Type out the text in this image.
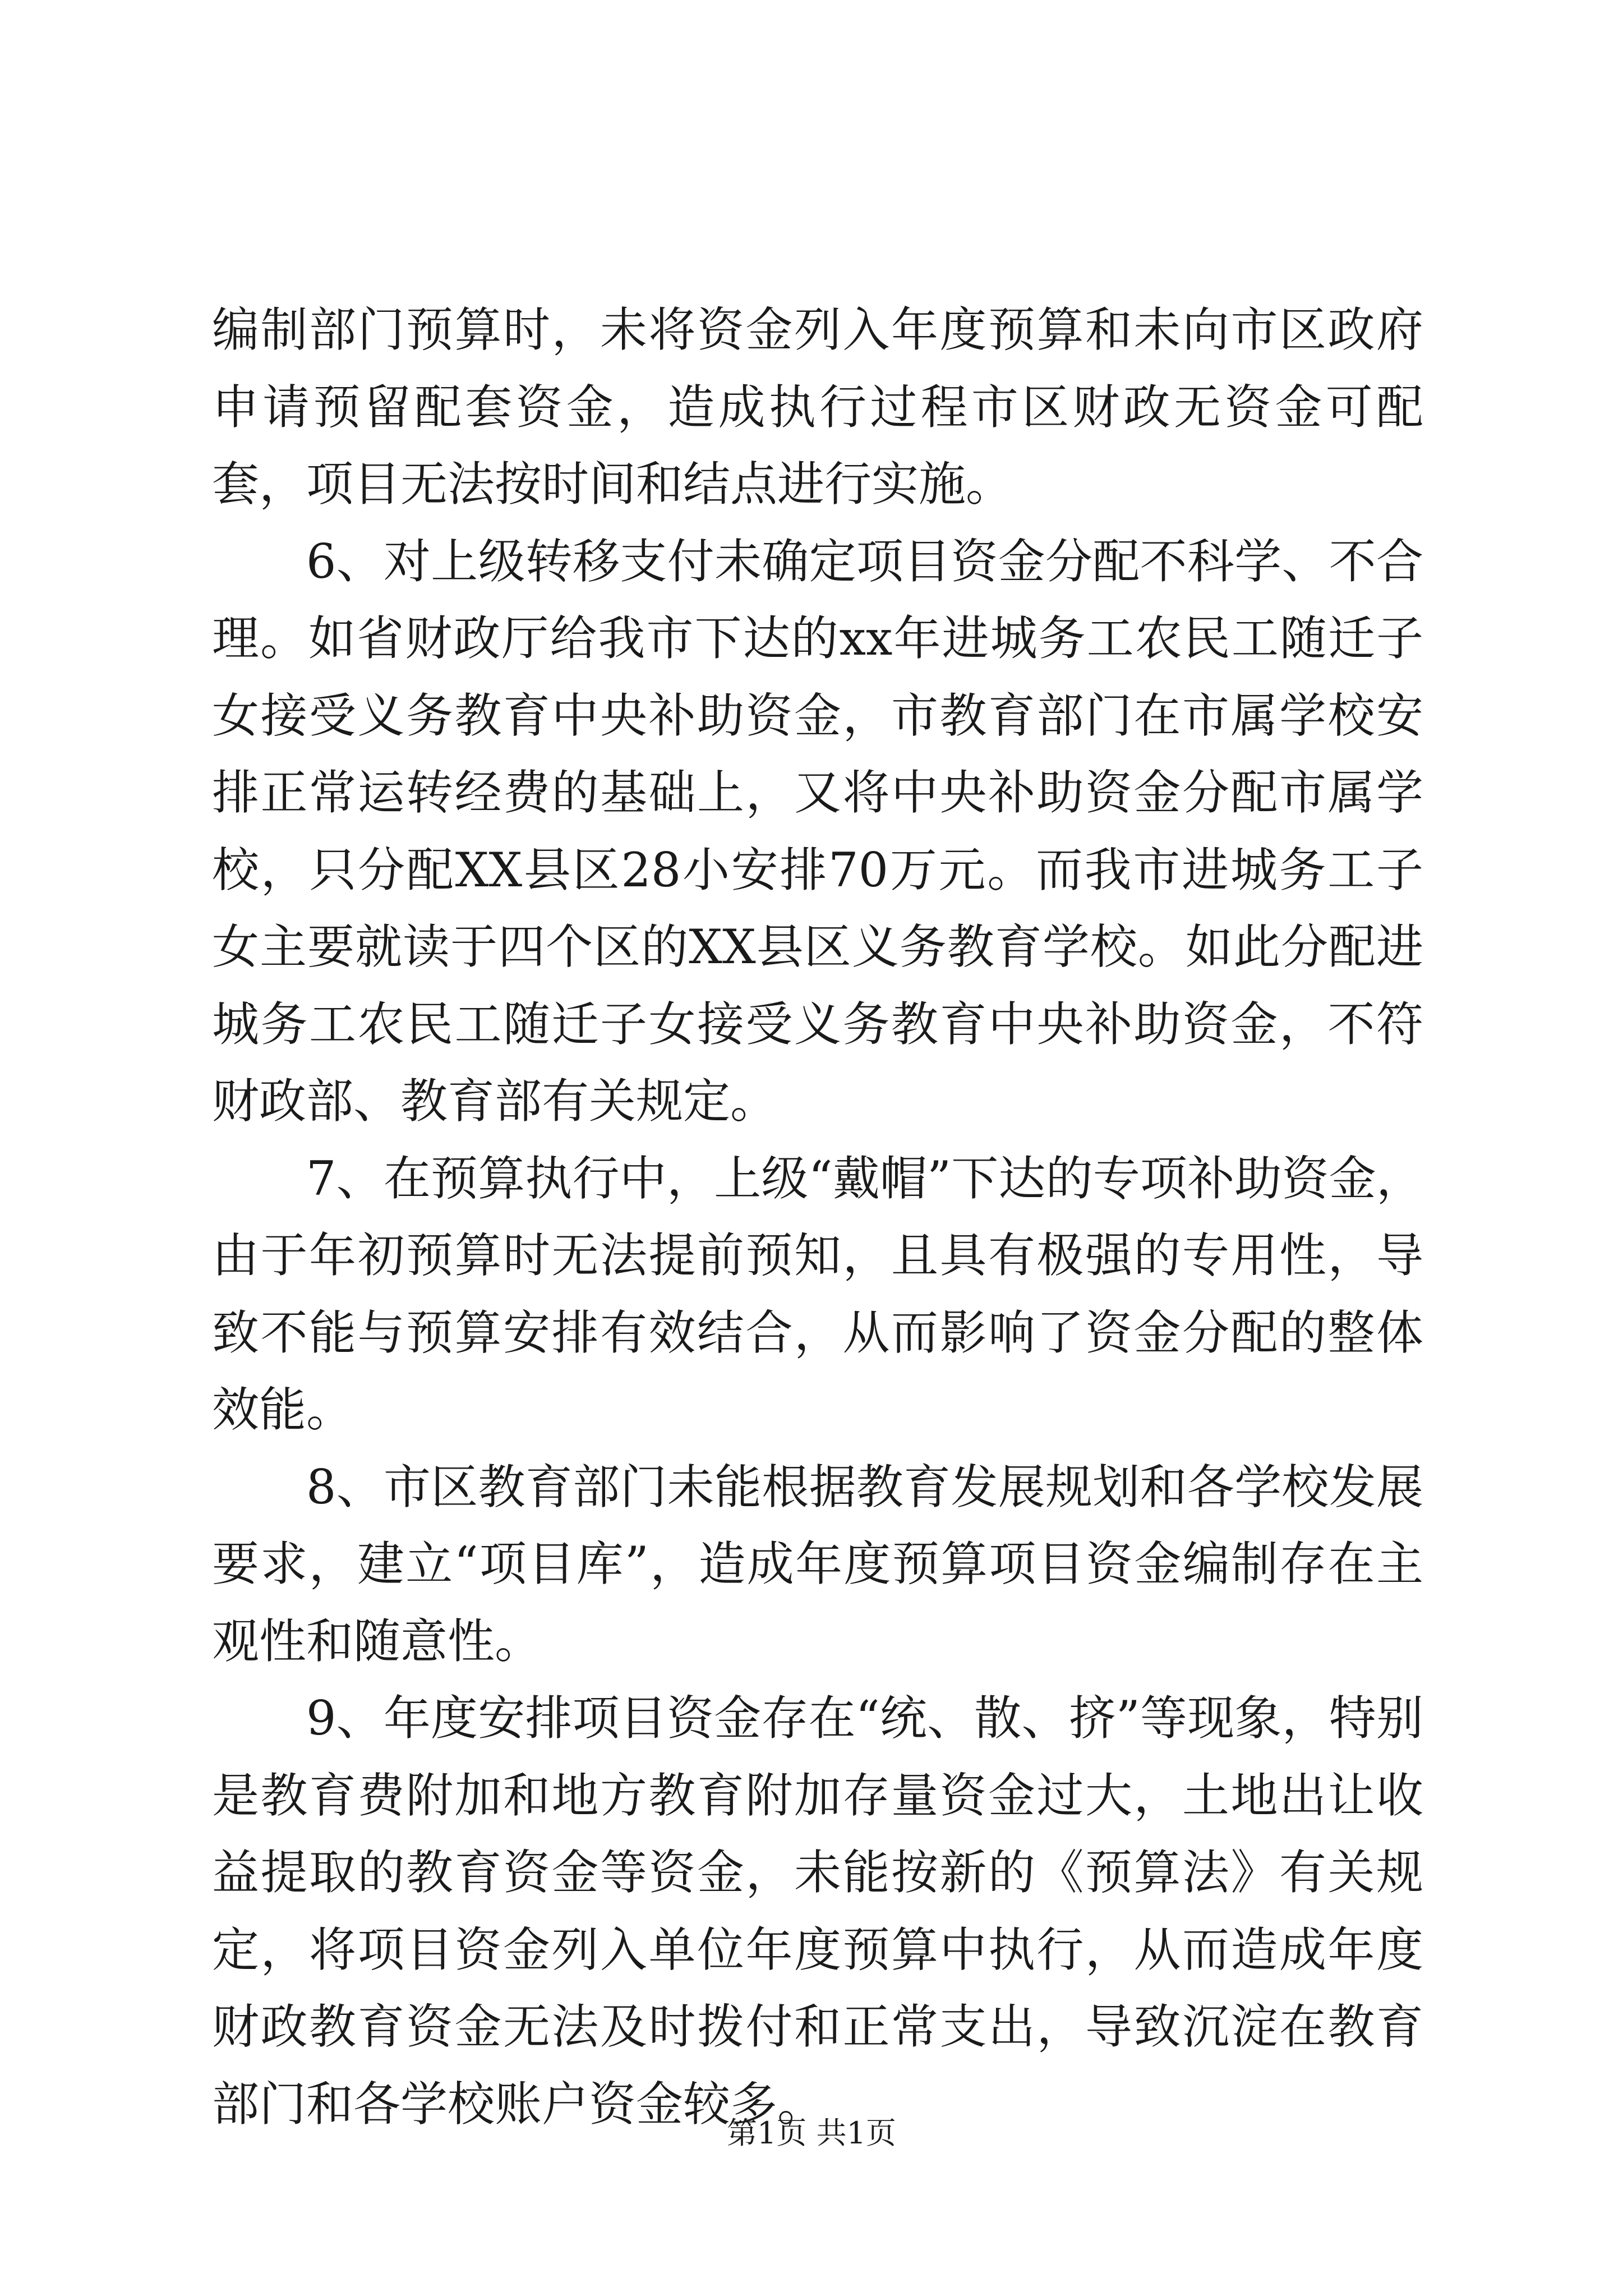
编制部门预算时，未将资金列入年度预算和未向市区政府申请预留配套资金，造成执行过程市区财政无资金可配套，项目无法按时间和结点进行实施。

6、对上级转移支付未确定项目资金分配不科学、不合理。如省财政厅给我市下达的xx年进城务工农民工随迁子女接受义务教育中央补助资金，市教育部门在市属学校安排正常运转经费的基础上，又将中央补助资金分配市属学校，只分配XX县区28小安排70万元。而我市进城务工子女主要就读于四个区的XX县区义务教育学校。如此分配进城务工农民工随迁子女接受义务教育中央补助资金，不符财政部、教育部有关规定。

7、在预算执行中，上级“戴帽”下达的专项补助资金，由于年初预算时无法提前预知，且具有极强的专用性，导致不能与预算安排有效结合，从而影响了资金分配的整体效能。

8、市区教育部门未能根据教育发展规划和各学校发展要求，建立“项目库”，造成年度预算项目资金编制存在主观性和随意性。

9、年度安排项目资金存在“统、散、挤”等现象，特别是教育费附加和地方教育附加存量资金过大，土地出让收益提取的教育资金等资金，未能按新的《预算法》有关规定，将项目资金列入单位年度预算中执行，从而造成年度财政教育资金无法及时拨付和正常支出，导致沉淀在教育部门和各学校账户资金较多。

第1页 共1页
